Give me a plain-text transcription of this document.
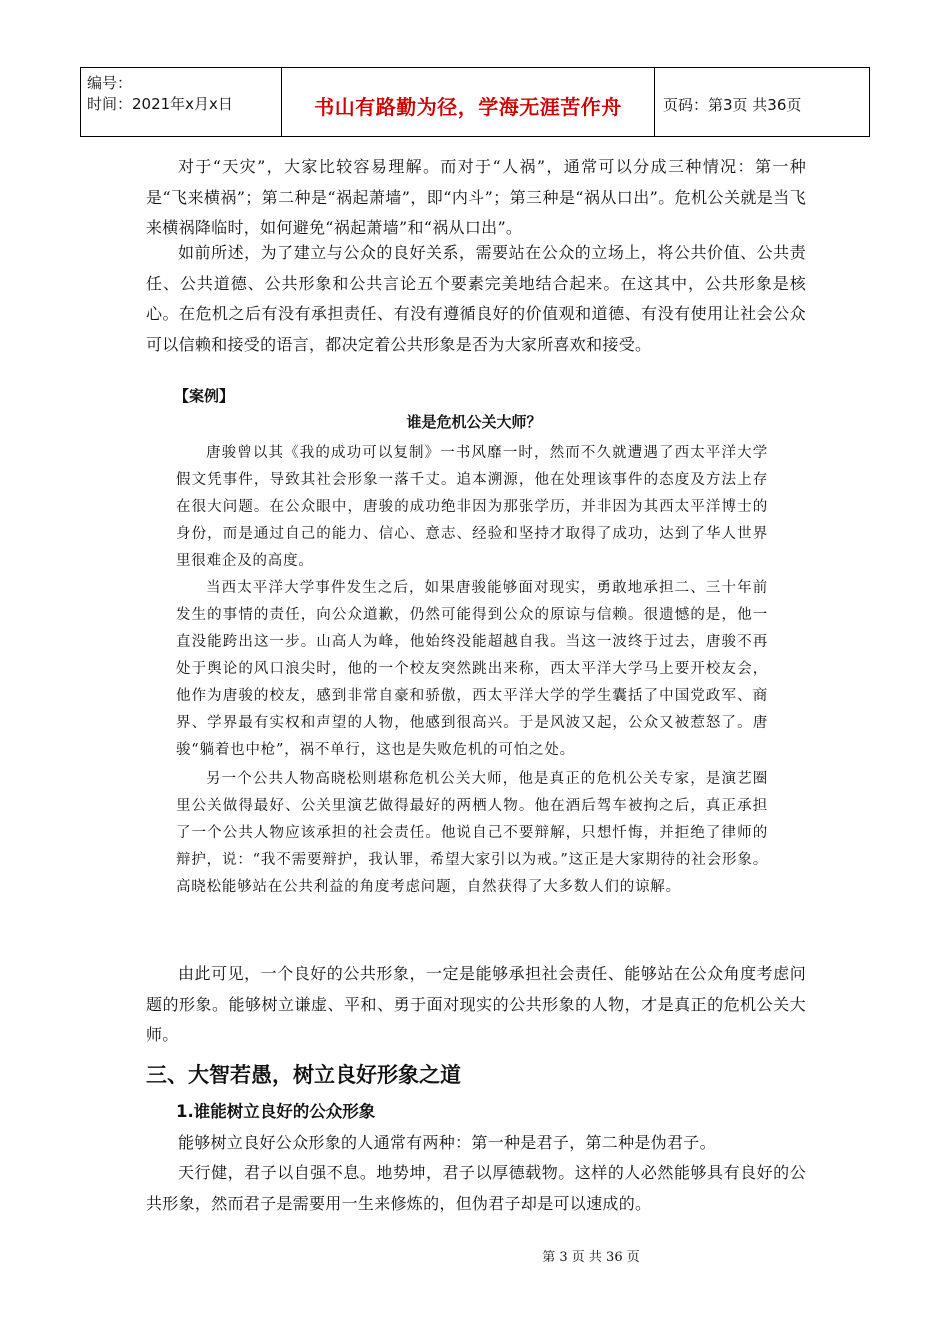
编号：
时间：2021年x月x日	书山有路勤为径，学海无涯苦作舟	页码：第3页 共36页

对于“天灾”，大家比较容易理解。而对于“人祸”，通常可以分成三种情况：第一种是“飞来横祸”；第二种是“祸起萧墙”，即“内斗”；第三种是“祸从口出”。危机公关就是当飞来横祸降临时，如何避免“祸起萧墙”和“祸从口出”。

如前所述，为了建立与公众的良好关系，需要站在公众的立场上，将公共价值、公共责任、公共道德、公共形象和公共言论五个要素完美地结合起来。在这其中，公共形象是核心。在危机之后有没有承担责任、有没有遵循良好的价值观和道德、有没有使用让社会公众可以信赖和接受的语言，都决定着公共形象是否为大家所喜欢和接受。

【案例】

谁是危机公关大师？

唐骏曾以其《我的成功可以复制》一书风靡一时，然而不久就遭遇了西太平洋大学假文凭事件，导致其社会形象一落千丈。追本溯源，他在处理该事件的态度及方法上存在很大问题。在公众眼中，唐骏的成功绝非因为那张学历，并非因为其西太平洋博士的身份，而是通过自己的能力、信心、意志、经验和坚持才取得了成功，达到了华人世界里很难企及的高度。

当西太平洋大学事件发生之后，如果唐骏能够面对现实，勇敢地承担二、三十年前发生的事情的责任，向公众道歉，仍然可能得到公众的原谅与信赖。很遗憾的是，他一直没能跨出这一步。山高人为峰，他始终没能超越自我。当这一波终于过去，唐骏不再处于舆论的风口浪尖时，他的一个校友突然跳出来称，西太平洋大学马上要开校友会，他作为唐骏的校友，感到非常自豪和骄傲，西太平洋大学的学生囊括了中国党政军、商界、学界最有实权和声望的人物，他感到很高兴。于是风波又起，公众又被惹怒了。唐骏“躺着也中枪”，祸不单行，这也是失败危机的可怕之处。

另一个公共人物高晓松则堪称危机公关大师，他是真正的危机公关专家，是演艺圈里公关做得最好、公关里演艺做得最好的两栖人物。他在酒后驾车被拘之后，真正承担了一个公共人物应该承担的社会责任。他说自己不要辩解，只想忏悔，并拒绝了律师的辩护，说：“我不需要辩护，我认罪，希望大家引以为戒。”这正是大家期待的社会形象。高晓松能够站在公共利益的角度考虑问题，自然获得了大多数人们的谅解。

由此可见，一个良好的公共形象，一定是能够承担社会责任、能够站在公众角度考虑问题的形象。能够树立谦虚、平和、勇于面对现实的公共形象的人物，才是真正的危机公关大师。

三、大智若愚，树立良好形象之道
1.谁能树立良好的公众形象

能够树立良好公众形象的人通常有两种：第一种是君子，第二种是伪君子。

天行健，君子以自强不息。地势坤，君子以厚德载物。这样的人必然能够具有良好的公共形象，然而君子是需要用一生来修炼的，但伪君子却是可以速成的。

第 3 页 共 36 页
